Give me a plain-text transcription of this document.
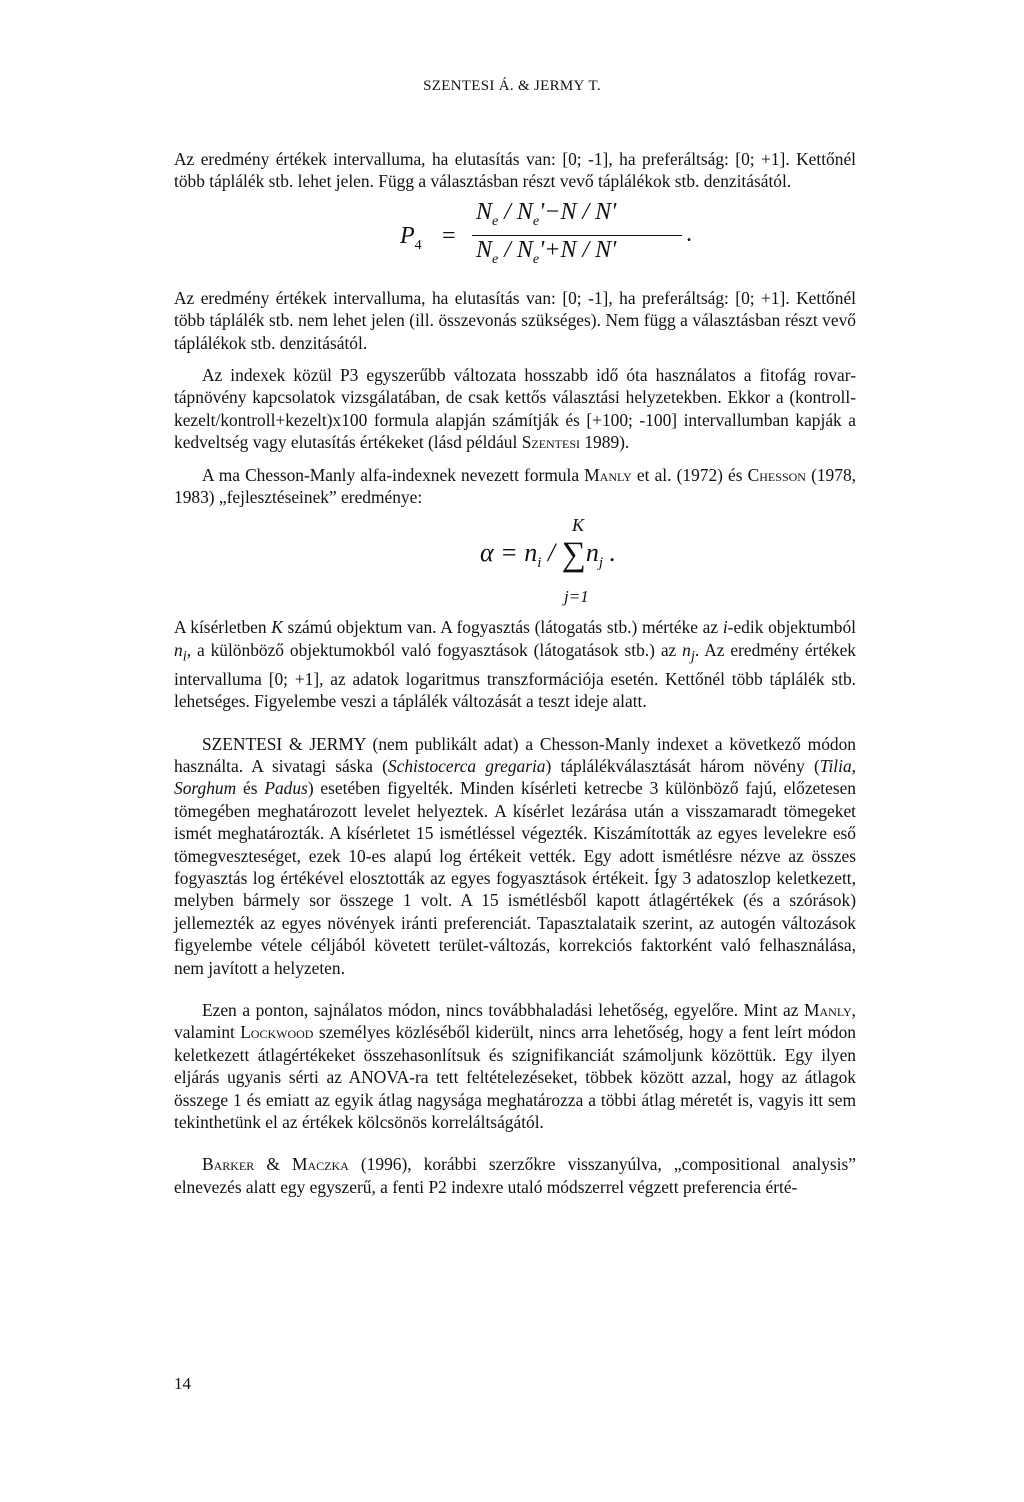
SZENTESI Á. & JERMY T.

Az eredmény értékek intervalluma, ha elutasítás van: [0; -1], ha preferáltság: [0; +1]. Kettőnél több táplálék stb. lehet jelen. Függ a választásban részt vevő táplálékok stb. denzitásától.

$P_4$ =
$N_e / N_e'-N / N'$
$N_e / N_e'+N / N'$
.

Az eredmény értékek intervalluma, ha elutasítás van: [0; -1], ha preferáltság: [0; +1]. Kettőnél több táplálék stb. nem lehet jelen (ill. összevonás szükséges). Nem függ a választásban részt vevő táplálékok stb. denzitásától.

Az indexek közül P3 egyszerűbb változata hosszabb idő óta használatos a fitofág rovar-tápnövény kapcsolatok vizsgálatában, de csak kettős választási helyzetekben. Ekkor a (kontroll-kezelt/kontroll+kezelt)x100 formula alapján számítják és [+100; -100] intervallumban kapják a kedveltség vagy elutasítás értékeket (lásd például Szentesi 1989).

A ma Chesson-Manly alfa-indexnek nevezett formula Manly et al. (1972) és Chesson (1978, 1983) „fejlesztéseinek” eredménye:

K
$\alpha = n_i / \sum n_j$ .
j=1

A kísérletben K számú objektum van. A fogyasztás (látogatás stb.) mértéke az i-edik objektumból $n_i$, a különböző objektumokból való fogyasztások (látogatások stb.) az $n_j$. Az eredmény értékek intervalluma [0; +1], az adatok logaritmus transzformációja esetén. Kettőnél több táplálék stb. lehetséges. Figyelembe veszi a táplálék változását a teszt ideje alatt.

SZENTESI & JERMY (nem publikált adat) a Chesson-Manly indexet a következő módon használta. A sivatagi sáska (Schistocerca gregaria) táplálékválasztását három növény (Tilia, Sorghum és Padus) esetében figyelték. Minden kísérleti ketrecbe 3 különböző fajú, előzetesen tömegében meghatározott levelet helyeztek. A kísérlet lezárása után a visszamaradt tömegeket ismét meghatározták. A kísérletet 15 ismétléssel végezték. Kiszámították az egyes levelekre eső tömegveszteséget, ezek 10-es alapú log értékeit vették. Egy adott ismétlésre nézve az összes fogyasztás log értékével elosztották az egyes fogyasztások értékeit. Így 3 adatoszlop keletkezett, melyben bármely sor összege 1 volt. A 15 ismétlésből kapott átlagértékek (és a szórások) jellemezték az egyes növények iránti preferenciát. Tapasztalataik szerint, az autogén változások figyelembe vétele céljából követett terület-változás, korrekciós faktorként való felhasználása, nem javított a helyzeten.

Ezen a ponton, sajnálatos módon, nincs továbbhaladási lehetőség, egyelőre. Mint az Manly, valamint Lockwood személyes közléséből kiderült, nincs arra lehetőség, hogy a fent leírt módon keletkezett átlagértékeket összehasonlítsuk és szignifikanciát számoljunk közöttük. Egy ilyen eljárás ugyanis sérti az ANOVA-ra tett feltételezéseket, többek között azzal, hogy az átlagok összege 1 és emiatt az egyik átlag nagysága meghatározza a többi átlag méretét is, vagyis itt sem tekinthetünk el az értékek kölcsönös korreláltságától.

Barker & Maczka (1996), korábbi szerzőkre visszanyúlva, „compositional analysis” elnevezés alatt egy egyszerű, a fenti P2 indexre utaló módszerrel végzett preferencia érté-

14
